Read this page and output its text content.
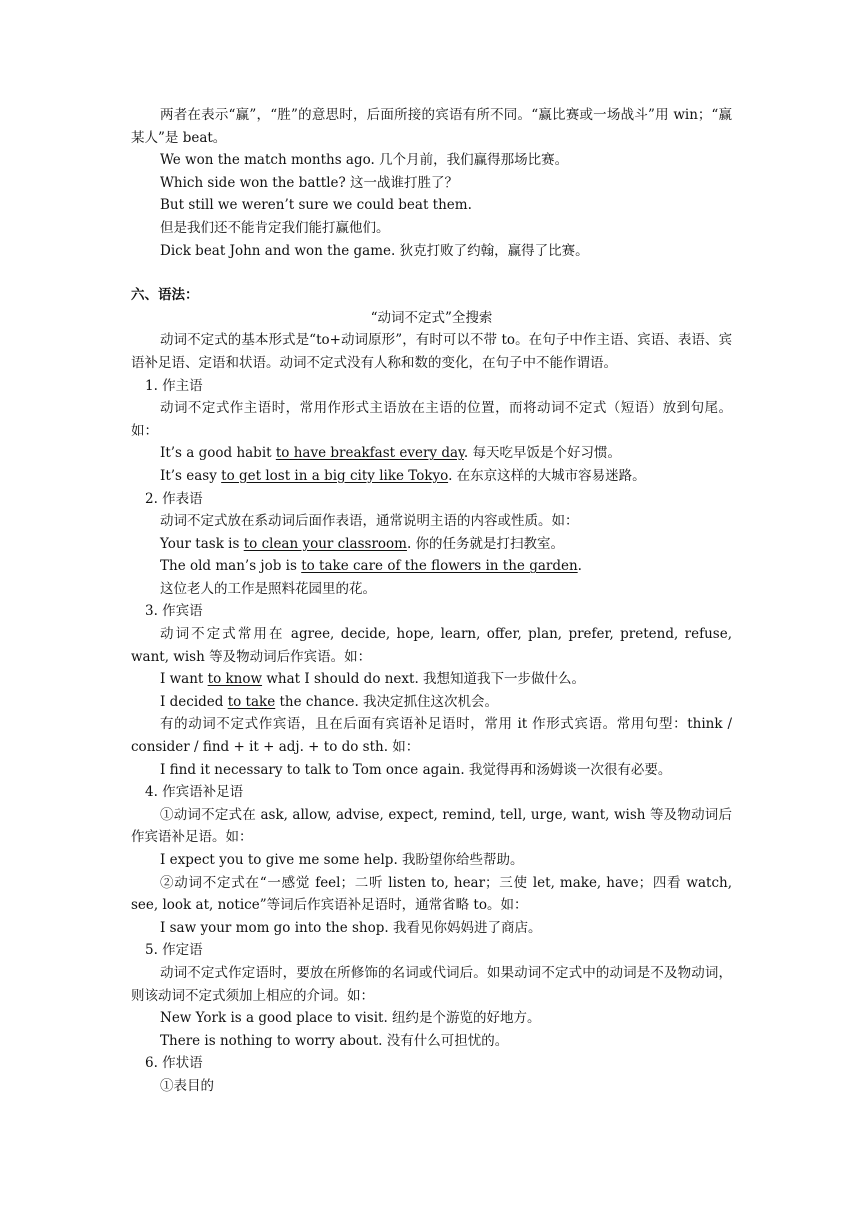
两者在表示“赢”，“胜”的意思时，后面所接的宾语有所不同。“赢比赛或一场战斗”用 win；“赢某人”是 beat。

We won the match months ago. 几个月前，我们赢得那场比赛。

Which side won the battle? 这一战谁打胜了？

But still we weren’t sure we could beat them.

但是我们还不能肯定我们能打赢他们。

Dick beat John and won the game. 狄克打败了约翰，赢得了比赛。

六、语法：

“动词不定式”全搜索

动词不定式的基本形式是“to+动词原形”，有时可以不带 to。在句子中作主语、宾语、表语、宾语补足语、定语和状语。动词不定式没有人称和数的变化，在句子中不能作谓语。

1. 作主语

动词不定式作主语时，常用作形式主语放在主语的位置，而将动词不定式（短语）放到句尾。如：

It’s a good habit to have breakfast every day. 每天吃早饭是个好习惯。

It’s easy to get lost in a big city like Tokyo. 在东京这样的大城市容易迷路。

2. 作表语

动词不定式放在系动词后面作表语，通常说明主语的内容或性质。如：

Your task is to clean your classroom. 你的任务就是打扫教室。

The old man’s job is to take care of the flowers in the garden.

这位老人的工作是照料花园里的花。

3. 作宾语

动词不定式常用在 agree, decide, hope, learn, offer, plan, prefer, pretend, refuse, want, wish 等及物动词后作宾语。如：

I want to know what I should do next. 我想知道我下一步做什么。

I decided to take the chance. 我决定抓住这次机会。

有的动词不定式作宾语，且在后面有宾语补足语时，常用 it 作形式宾语。常用句型：think / consider / find + it + adj. + to do sth. 如：

I find it necessary to talk to Tom once again. 我觉得再和汤姆谈一次很有必要。

4. 作宾语补足语

①动词不定式在 ask, allow, advise, expect, remind, tell, urge, want, wish 等及物动词后作宾语补足语。如：

I expect you to give me some help. 我盼望你给些帮助。

②动词不定式在“一感觉 feel；二听 listen to, hear；三使 let, make, have；四看 watch, see, look at, notice”等词后作宾语补足语时，通常省略 to。如：

I saw your mom go into the shop. 我看见你妈妈进了商店。

5. 作定语

动词不定式作定语时，要放在所修饰的名词或代词后。如果动词不定式中的动词是不及物动词，则该动词不定式须加上相应的介词。如：

New York is a good place to visit. 纽约是个游览的好地方。

There is nothing to worry about. 没有什么可担忧的。

6. 作状语

①表目的
